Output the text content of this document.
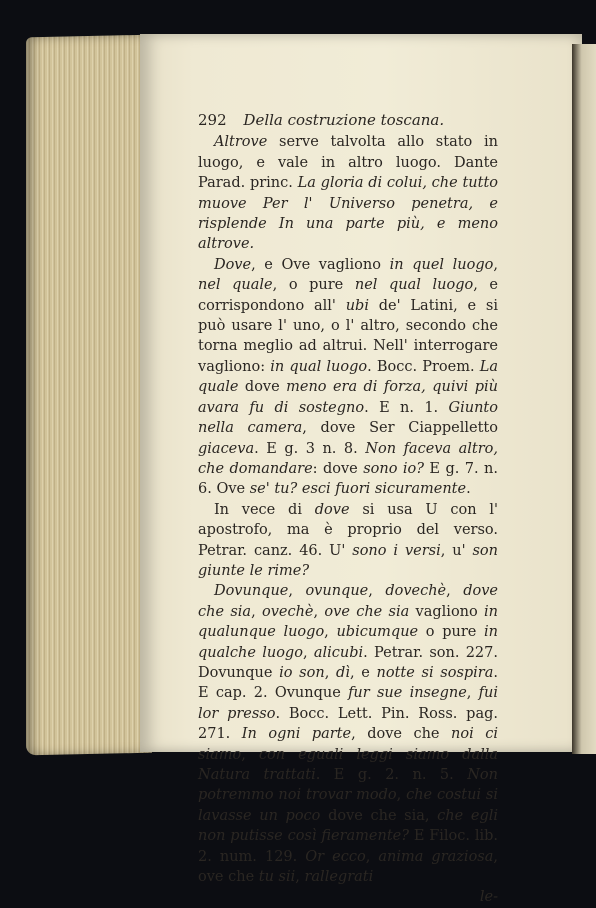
292 Della costruzione toscana.

Altrove serve talvolta allo stato in luogo, e vale in altro luogo. Dante Parad. princ. La gloria di colui, che tutto muove Per l' Universo penetra, e risplende In una parte più, e meno altrove.

Dove, e Ove vagliono in quel luogo, nel quale, o pure nel qual luogo, e corrispondono all' ubi de' Latini, e si può usare l' uno, o l' altro, secondo che torna meglio ad altrui. Nell' interrogare vagliono: in qual luogo. Bocc. Proem. La quale dove meno era di forza, quivi più avara fu di sostegno. E n. 1. Giunto nella camera, dove Ser Ciappelletto giaceva. E g. 3 n. 8. Non faceva altro, che domandare: dove sono io? E g. 7. n. 6. Ove se' tu? esci fuori sicuramente.

In vece di dove si usa U con l' apostrofo, ma è proprio del verso. Petrar. canz. 46. U' sono i versi, u' son giunte le rime?

Dovunque, ovunque, dovechè, dove che sia, ovechè, ove che sia vagliono in qualunque luogo, ubicumque o pure in qualche luogo, alicubi. Petrar. son. 227. Dovunque io son, dì, e notte si sospira. E cap. 2. Ovunque fur sue insegne, fui lor presso. Bocc. Lett. Pin. Ross. pag. 271. In ogni parte, dove che noi ci siamo, con eguali leggi siamo dalla Natura trattati. E g. 2. n. 5. Non potremmo noi trovar modo, che costui si lavasse un poco dove che sia, che egli non putisse così fieramente? E Filoc. lib. 2. num. 129. Or ecco, anima graziosa, ove che tu sii, rallegrati

le-
